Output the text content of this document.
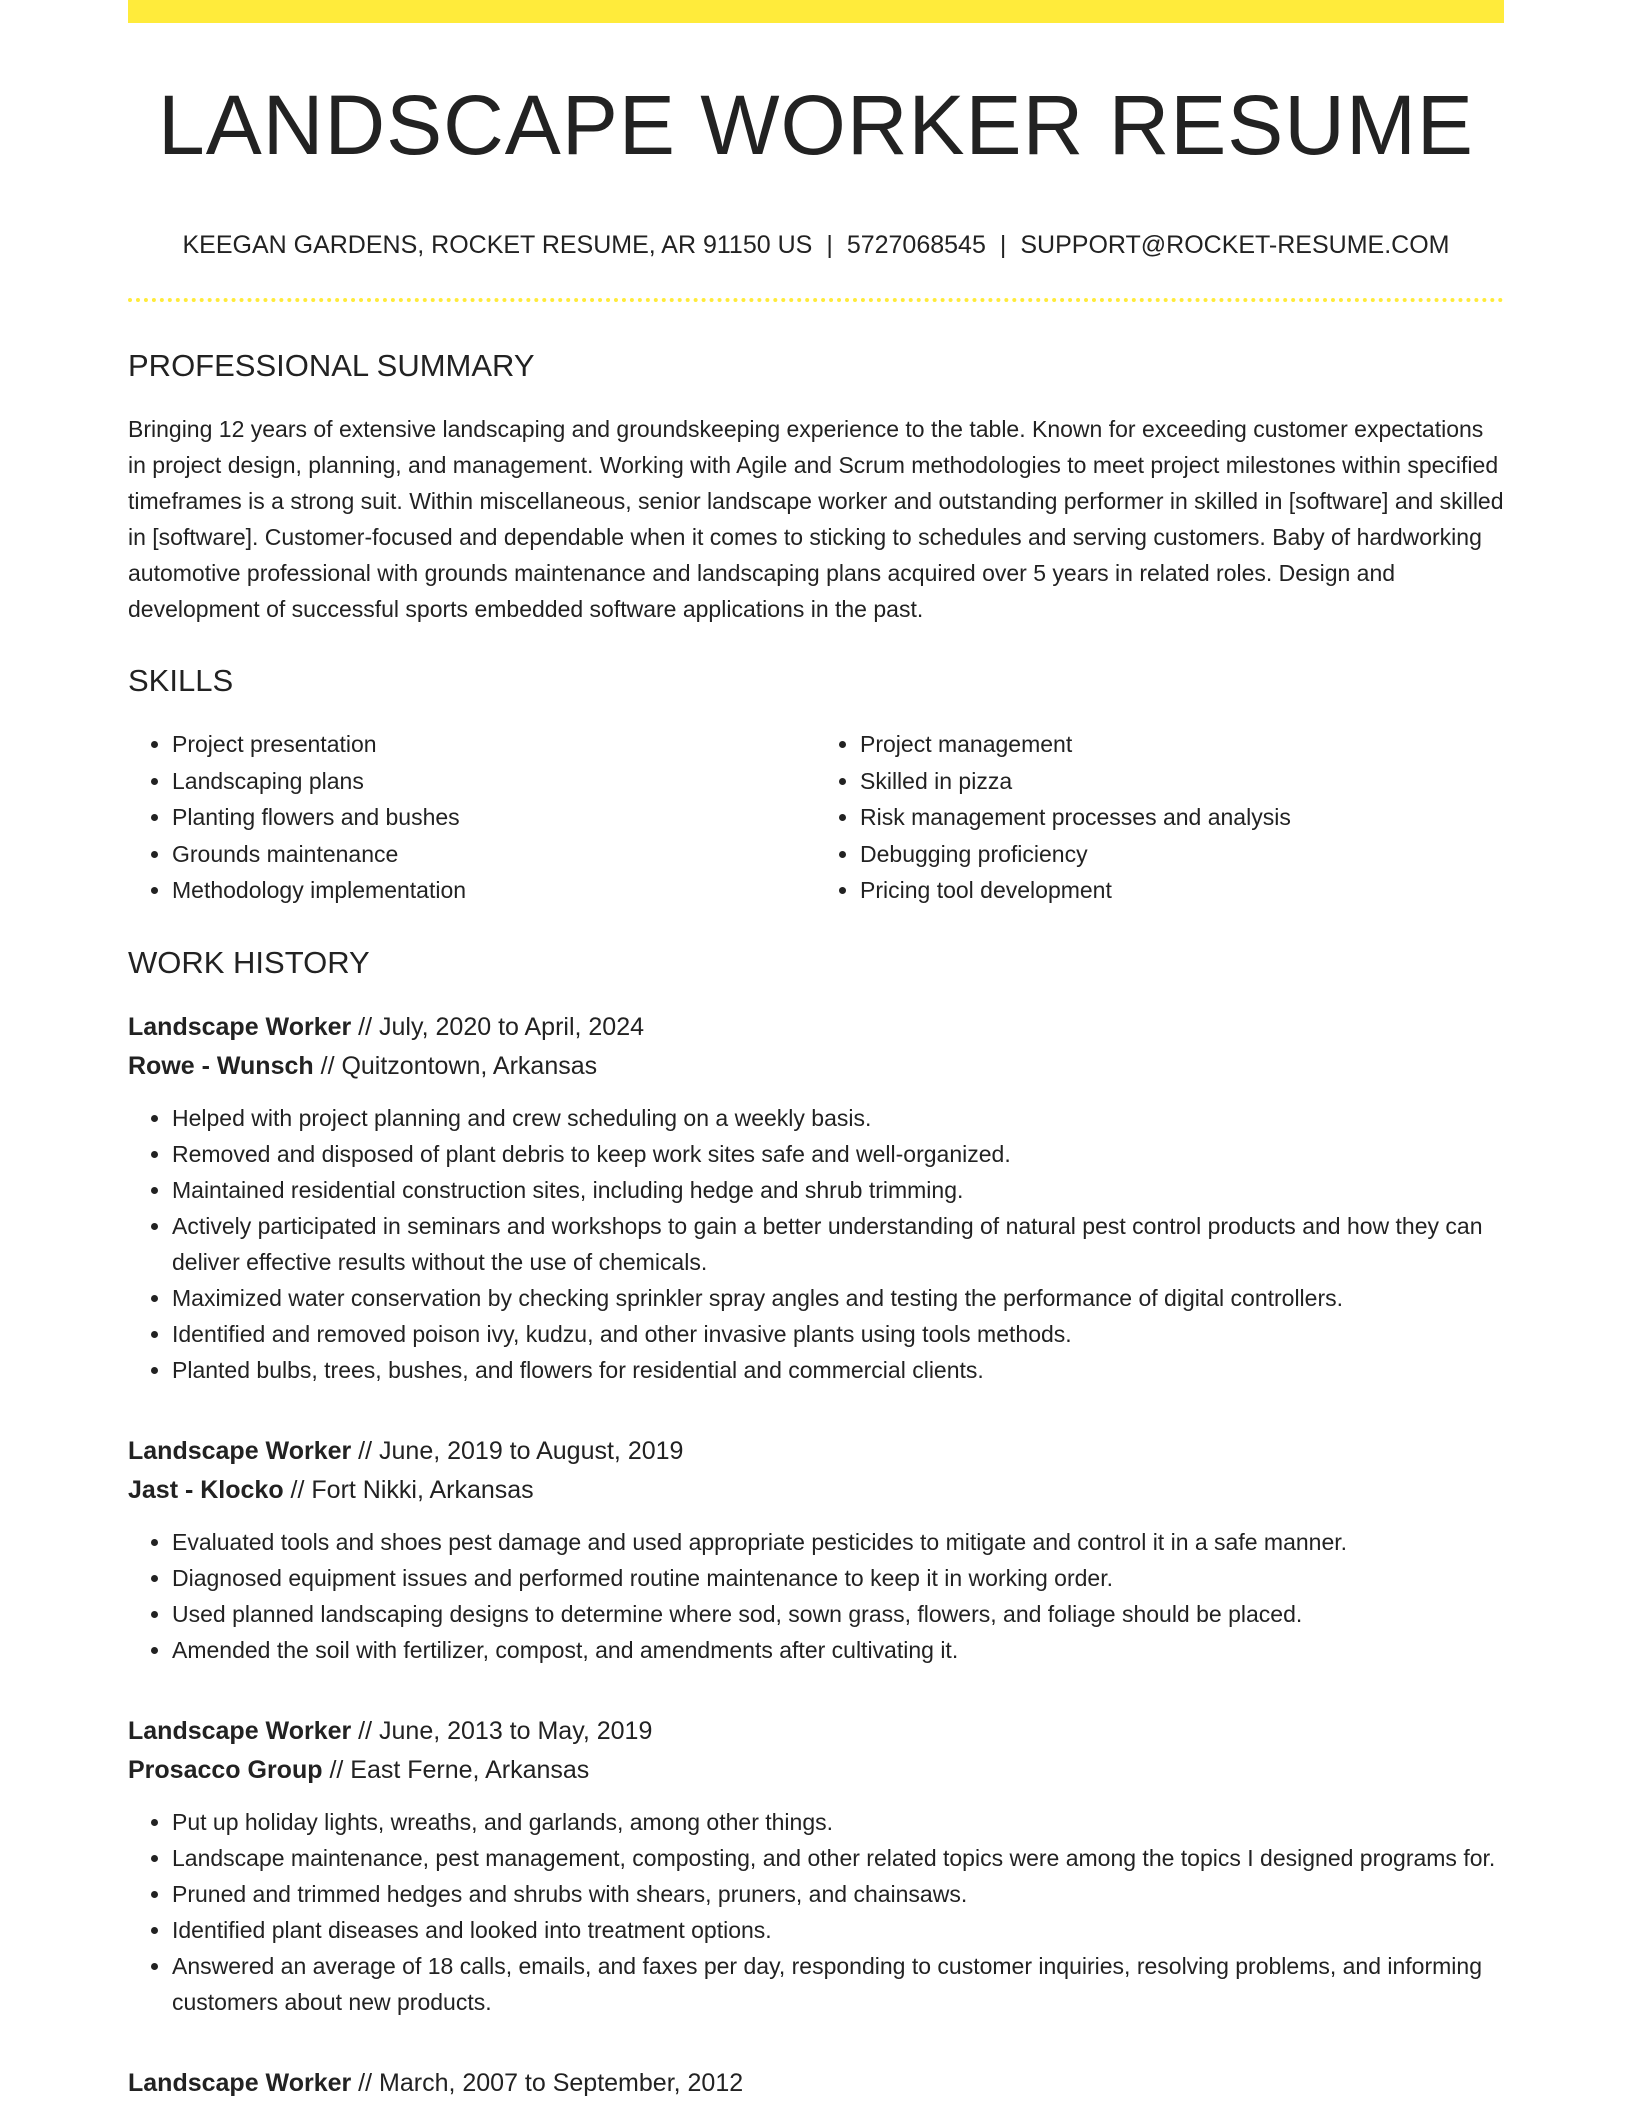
LANDSCAPE WORKER RESUME
KEEGAN GARDENS, ROCKET RESUME, AR 91150 US | 5727068545 | SUPPORT@ROCKET-RESUME.COM
PROFESSIONAL SUMMARY

Bringing 12 years of extensive landscaping and groundskeeping experience to the table. Known for exceeding customer expectations in project design, planning, and management. Working with Agile and Scrum methodologies to meet project milestones within specified timeframes is a strong suit. Within miscellaneous, senior landscape worker and outstanding performer in skilled in [software] and skilled in [software]. Customer-focused and dependable when it comes to sticking to schedules and serving customers. Baby of hardworking automotive professional with grounds maintenance and landscaping plans acquired over 5 years in related roles. Design and development of successful sports embedded software applications in the past.

SKILLS
• Project presentation
• Landscaping plans
• Planting flowers and bushes
• Grounds maintenance
• Methodology implementation
• Project management
• Skilled in pizza
• Risk management processes and analysis
• Debugging proficiency
• Pricing tool development
WORK HISTORY
Landscape Worker // July, 2020 to April, 2024
Rowe - Wunsch // Quitzontown, Arkansas
• Helped with project planning and crew scheduling on a weekly basis.
• Removed and disposed of plant debris to keep work sites safe and well-organized.
• Maintained residential construction sites, including hedge and shrub trimming.
• Actively participated in seminars and workshops to gain a better understanding of natural pest control products and how they can deliver effective results without the use of chemicals.
• Maximized water conservation by checking sprinkler spray angles and testing the performance of digital controllers.
• Identified and removed poison ivy, kudzu, and other invasive plants using tools methods.
• Planted bulbs, trees, bushes, and flowers for residential and commercial clients.
Landscape Worker // June, 2019 to August, 2019
Jast - Klocko // Fort Nikki, Arkansas
• Evaluated tools and shoes pest damage and used appropriate pesticides to mitigate and control it in a safe manner.
• Diagnosed equipment issues and performed routine maintenance to keep it in working order.
• Used planned landscaping designs to determine where sod, sown grass, flowers, and foliage should be placed.
• Amended the soil with fertilizer, compost, and amendments after cultivating it.
Landscape Worker // June, 2013 to May, 2019
Prosacco Group // East Ferne, Arkansas
• Put up holiday lights, wreaths, and garlands, among other things.
• Landscape maintenance, pest management, composting, and other related topics were among the topics I designed programs for.
• Pruned and trimmed hedges and shrubs with shears, pruners, and chainsaws.
• Identified plant diseases and looked into treatment options.
• Answered an average of 18 calls, emails, and faxes per day, responding to customer inquiries, resolving problems, and informing customers about new products.
Landscape Worker // March, 2007 to September, 2012
